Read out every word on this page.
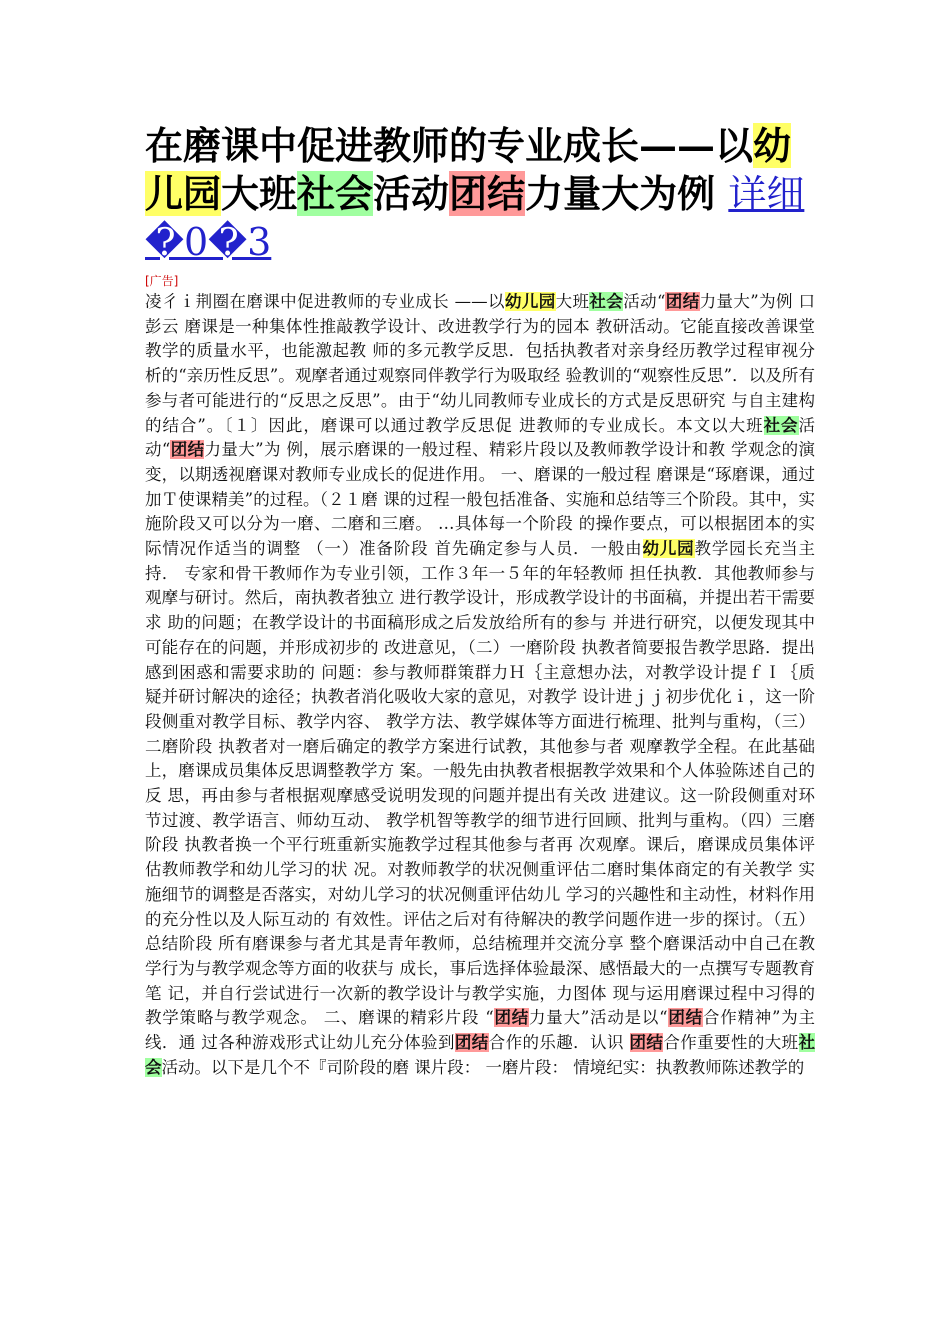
在磨课中促进教师的专业成长——以幼儿园大班社会活动团结力量大为例 详细�0�3
[广告]

凌彳ｉ荆圈在磨课中促进教师的专业成长 ——以幼儿园大班社会活动“团结力量大”为例 口彭云 磨课是一种集体性推敲教学设计、改进教学行为的园本 教研活动。它能直接改善课堂教学的质量水平，也能激起教 师的多元教学反思．包括执教者对亲身经历教学过程审视分 析的“亲历性反思”。观摩者通过观察同伴教学行为吸取经 验教训的“观察性反思”．以及所有参与者可能进行的“反思之反思”。由于“幼儿同教师专业成长的方式是反思研究 与自主建构的结合”。〔１〕因此，磨课可以通过教学反思促 进教师的专业成长。本文以大班社会活动“团结力量大”为 例，展示磨课的一般过程、精彩片段以及教师教学设计和教 学观念的演变，以期透视磨课对教师专业成长的促进作用。 一、磨课的一般过程 磨课是“琢磨课，通过加Ｔ使课精美”的过程。（２１磨 课的过程一般包括准备、实施和总结等三个阶段。其中，实 施阶段又可以分为一磨、二磨和三磨。 …具体每一个阶段 的操作要点，可以根据团本的实际情况作适当的调整 （一）准备阶段 首先确定参与人员．一般由幼儿园教学园长充当主持． 专家和骨干教师作为专业引领，工作３年一５年的年轻教师 担任执教．其他教师参与观摩与研讨。然后，南执教者独立 进行教学设计，形成教学设计的书面稿，并提出若干需要求 助的问题；在教学设计的书面稿形成之后发放给所有的参与 并进行研究，以便发现其中可能存在的问题，并形成初步的 改进意见，（二）一磨阶段 执教者简要报告教学思路．提出感到困惑和需要求助的 问题：参与教师群策群力Ｈ｛主意想办法，对教学设计提ｆＩ｛质 疑并研讨解决的途径；执教者消化吸收大家的意见，对教学 设计进ｊｊ初步优化ｉ，这一阶段侧重对教学目标、教学内容、 教学方法、教学媒体等方面进行梳理、批判与重构，（三）二磨阶段 执教者对一磨后确定的教学方案进行试教，其他参与者 观摩教学全程。在此基础上，磨课成员集体反思调整教学方 案。一般先由执教者根据教学效果和个人体验陈述自己的反 思，再由参与者根据观摩感受说明发现的问题并提出有关改 进建议。这一阶段侧重对环节过渡、教学语言、师幼互动、 教学机智等教学的细节进行回顾、批判与重构。（四）三磨阶段 执教者换一个平行班重新实施教学过程其他参与者再 次观摩。课后，磨课成员集体评估教师教学和幼儿学习的状 况。对教师教学的状况侧重评估二磨时集体商定的有关教学 实施细节的调整是否落实，对幼儿学习的状况侧重评估幼儿 学习的兴趣性和主动性，材料作用的充分性以及人际互动的 有效性。评估之后对有待解决的教学问题作进一步的探讨。（五）总结阶段 所有磨课参与者尤其是青年教师，总结梳理并交流分享 整个磨课活动中自己在教学行为与教学观念等方面的收获与 成长，事后选择体验最深、感悟最大的一点撰写专题教育笔 记，并自行尝试进行一次新的教学设计与教学实施，力图体 现与运用磨课过程中习得的教学策略与教学观念。 二、磨课的精彩片段 “团结力量大”活动是以“团结合作精神”为主线．通 过各种游戏形式让幼儿充分体验到团结合作的乐趣．认识 团结合作重要性的大班社会活动。以下是几个不『司阶段的磨 课片段： 一磨片段： 情境纪实：执教教师陈述教学的
